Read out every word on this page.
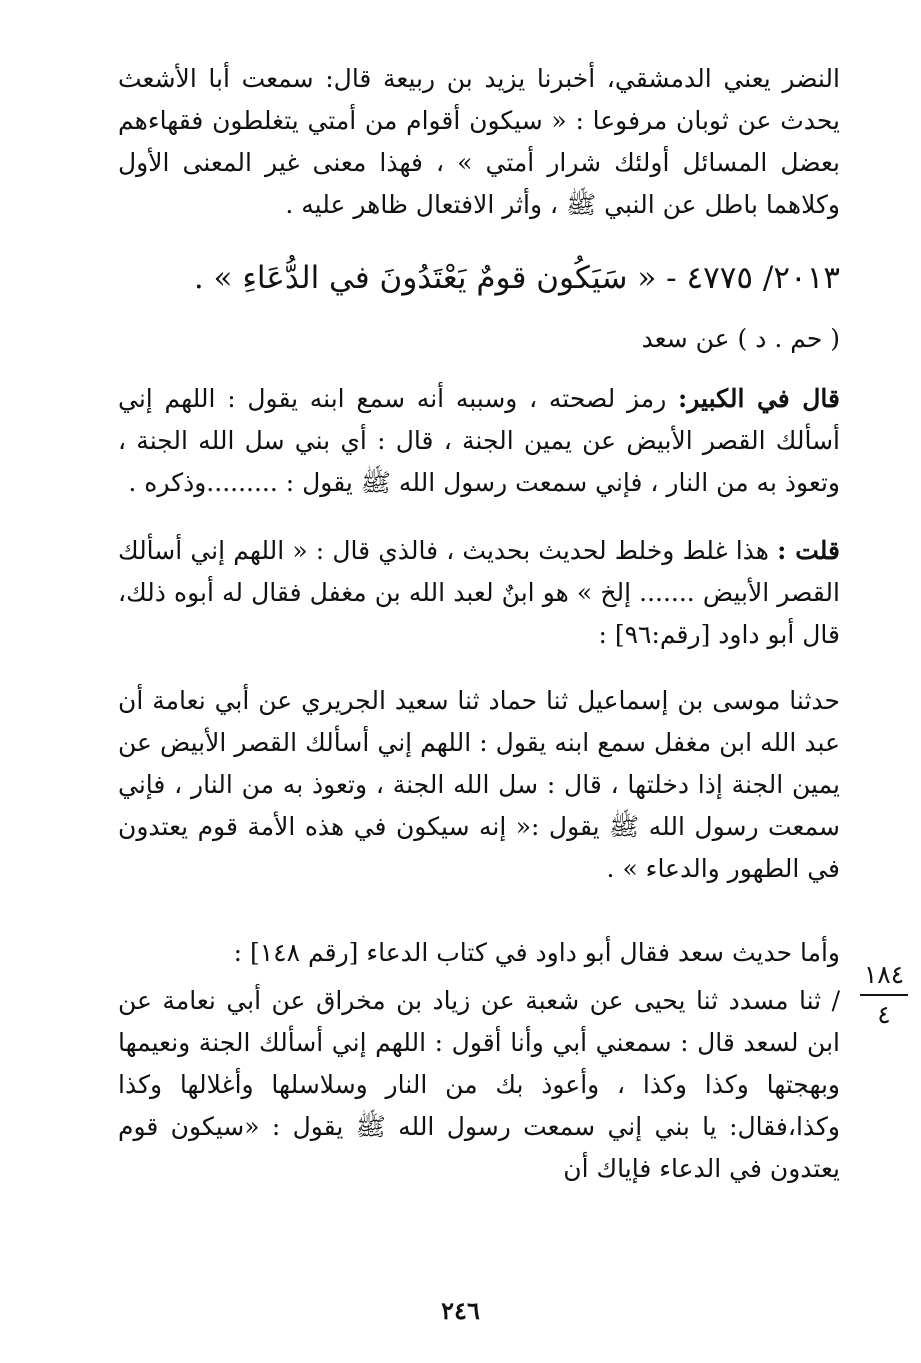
النضر يعني الدمشقي، أخبرنا يزيد بن ربيعة قال: سمعت أبا الأشعث يحدث عن ثوبان مرفوعا : « سيكون أقوام من أمتي يتغلطون فقهاءهم بعضل المسائل أولئك شرار أمتي » ، فهذا معنى غير المعنى الأول وكلاهما باطل عن النبي ﷺ ، وأثر الافتعال ظاهر عليه .
٢٠١٣/ ٤٧٧٥ - « سَيَكُون قومٌ يَعْتَدُونَ في الدُّعَاءِ » .
( حم . د ) عن سعد
قال في الكبير: رمز لصحته ، وسببه أنه سمع ابنه يقول : اللهم إني أسألك القصر الأبيض عن يمين الجنة ، قال : أي بني سل الله الجنة ، وتعوذ به من النار ، فإني سمعت رسول الله ﷺ يقول : .........وذكره .
قلت : هذا غلط وخلط لحديث بحديث ، فالذي قال : « اللهم إني أسألك القصر الأبيض ....... إلخ » هو ابنٌ لعبد الله بن مغفل فقال له أبوه ذلك، قال أبو داود [رقم:٩٦] :
حدثنا موسى بن إسماعيل ثنا حماد ثنا سعيد الجريري عن أبي نعامة أن عبد الله ابن مغفل سمع ابنه يقول : اللهم إني أسألك القصر الأبيض عن يمين الجنة إذا دخلتها ، قال : سل الله الجنة ، وتعوذ به من النار ، فإني سمعت رسول الله ﷺ يقول :« إنه سيكون في هذه الأمة قوم يعتدون في الطهور والدعاء » .
وأما حديث سعد فقال أبو داود في كتاب الدعاء [رقم ١٤٨] :
/ ثنا مسدد ثنا يحيى عن شعبة عن زياد بن مخراق عن أبي نعامة عن ابن لسعد قال : سمعني أبي وأنا أقول : اللهم إني أسألك الجنة ونعيمها وبهجتها وكذا وكذا ، وأعوذ بك من النار وسلاسلها وأغلالها وكذا وكذا،فقال: يا بني إني سمعت رسول الله ﷺ يقول : «سيكون قوم يعتدون في الدعاء فإياك أن
١٨٤
٤
٢٤٦
